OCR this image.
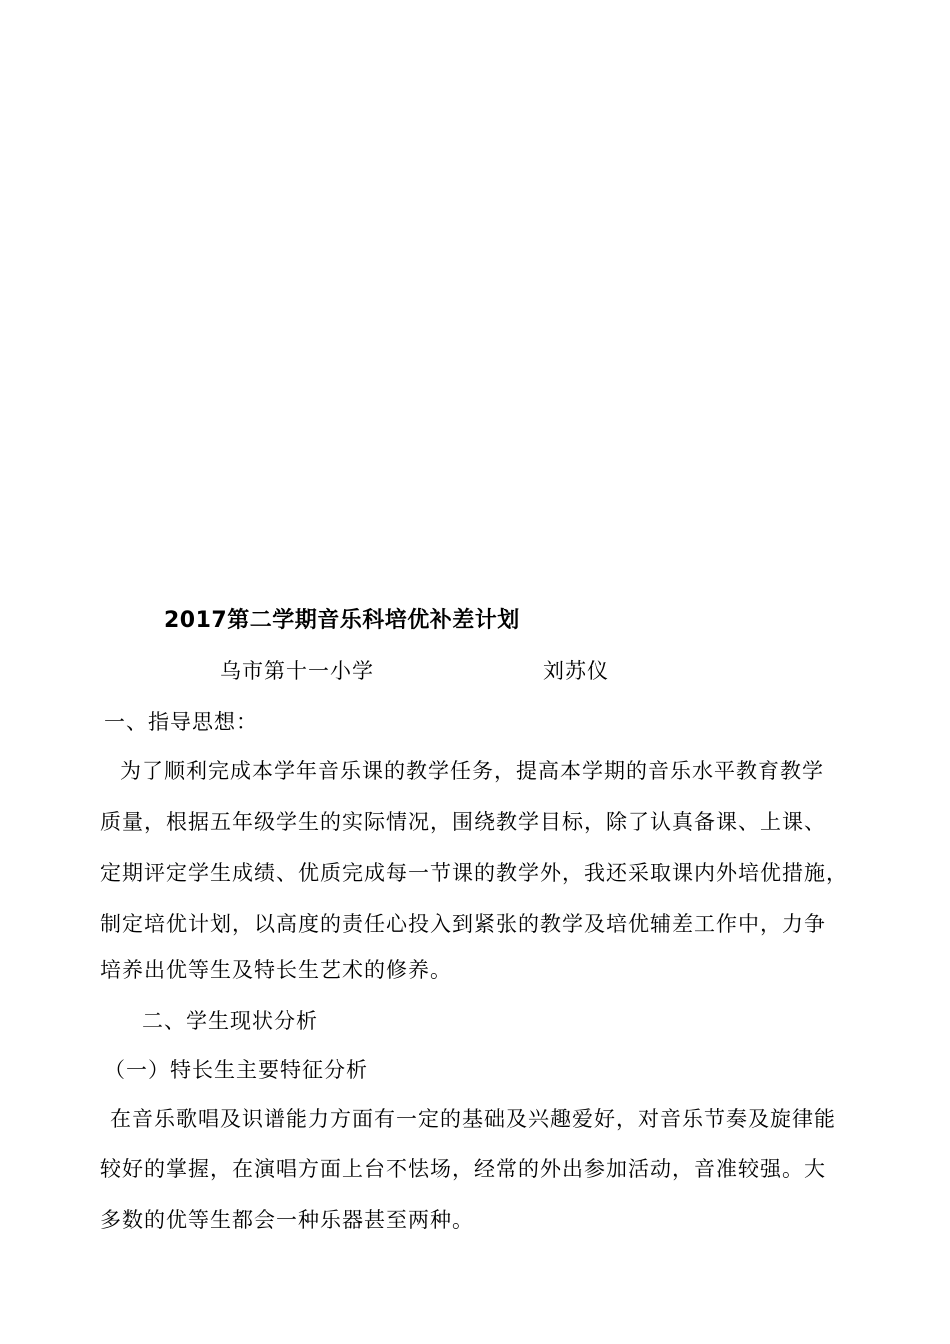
2017第二学期音乐科培优补差计划
乌市第十一小学	刘苏仪
一、指导思想：
为了顺利完成本学年音乐课的教学任务，提高本学期的音乐水平教育教学
质量，根据五年级学生的实际情况，围绕教学目标，除了认真备课、上课、
定期评定学生成绩、优质完成每一节课的教学外，我还采取课内外培优措施，
制定培优计划，以高度的责任心投入到紧张的教学及培优辅差工作中，力争
培养出优等生及特长生艺术的修养。
二、学生现状分析
（一）特长生主要特征分析
在音乐歌唱及识谱能力方面有一定的基础及兴趣爱好，对音乐节奏及旋律能
较好的掌握，在演唱方面上台不怯场，经常的外出参加活动，音准较强。大
多数的优等生都会一种乐器甚至两种。
